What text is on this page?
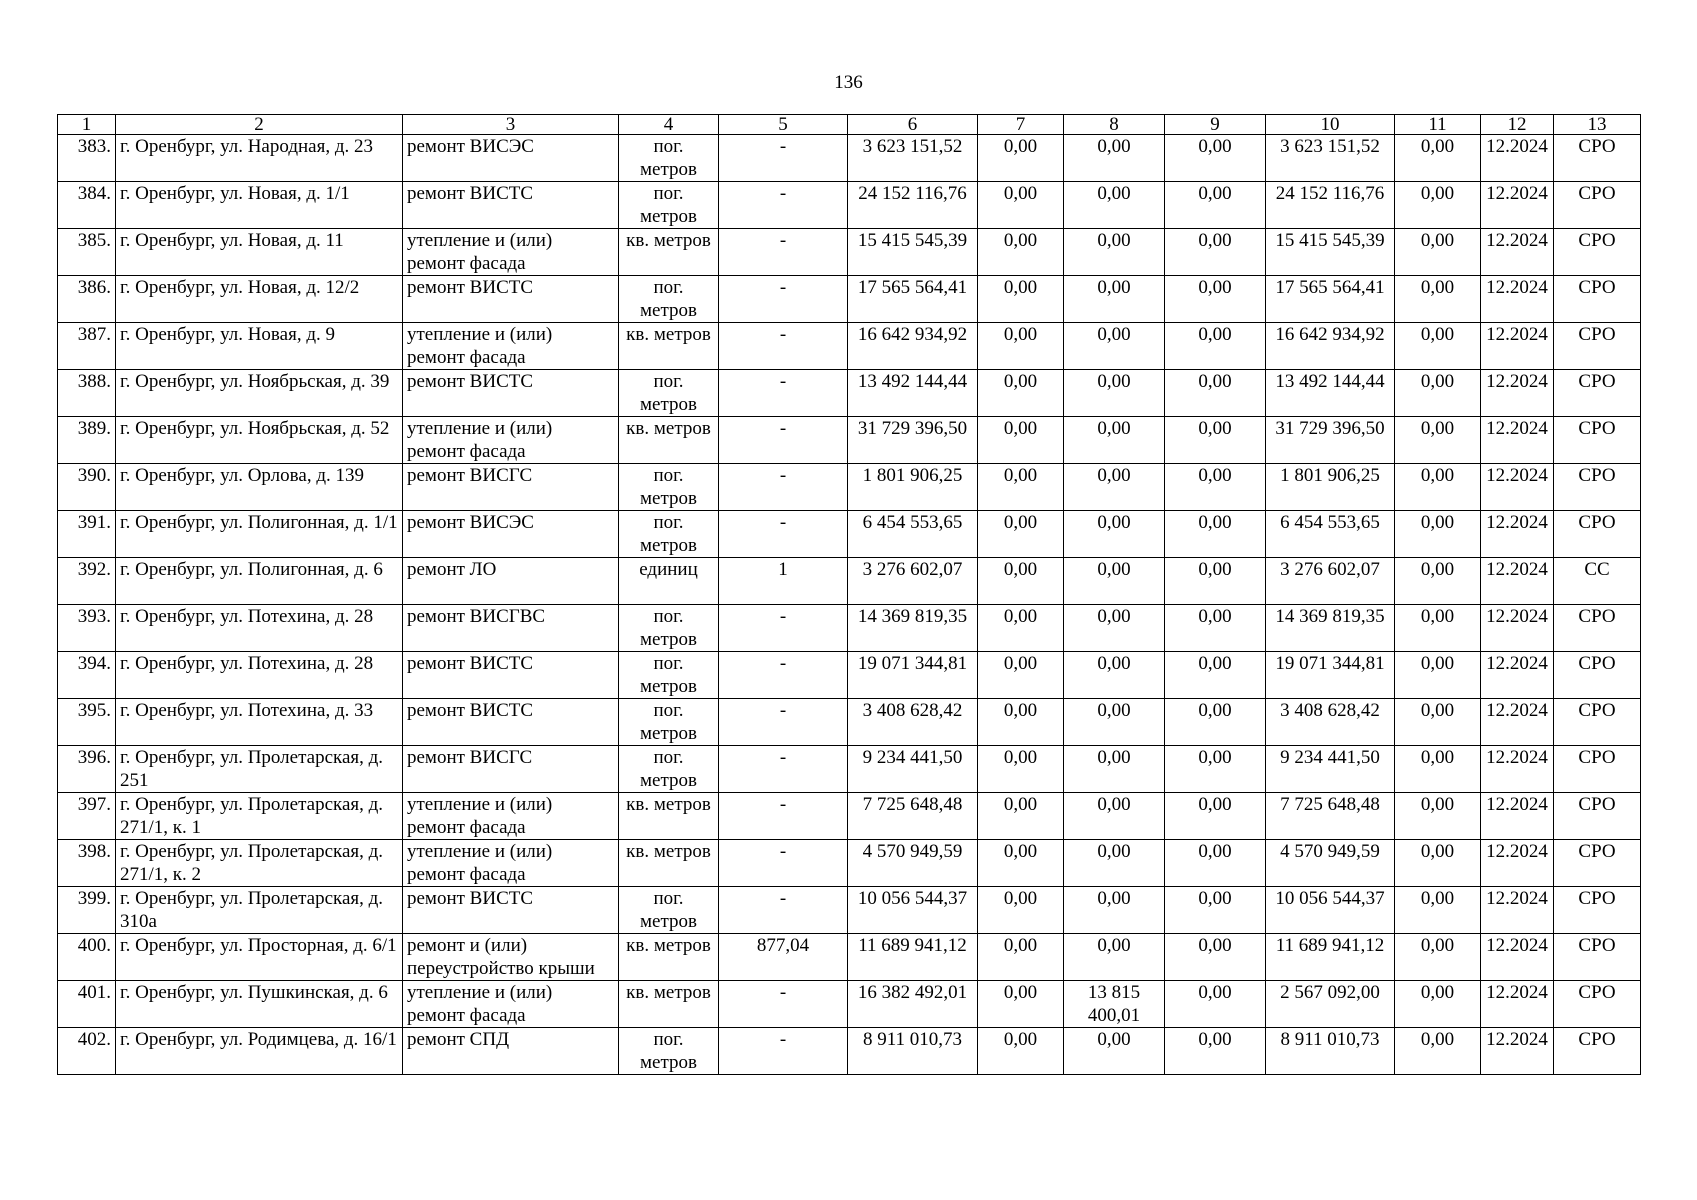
136
1	2	3	4	5	6	7	8	9	10	11	12	13
383.	г. Оренбург, ул. Народная, д. 23	ремонт ВИСЭС	пог. метров	-	3 623 151,52	0,00	0,00	0,00	3 623 151,52	0,00	12.2024	СРО
384.	г. Оренбург, ул. Новая, д. 1/1	ремонт ВИСТС	пог. метров	-	24 152 116,76	0,00	0,00	0,00	24 152 116,76	0,00	12.2024	СРО
385.	г. Оренбург, ул. Новая, д. 11	утепление и (или) ремонт фасада	кв. метров	-	15 415 545,39	0,00	0,00	0,00	15 415 545,39	0,00	12.2024	СРО
386.	г. Оренбург, ул. Новая, д. 12/2	ремонт ВИСТС	пог. метров	-	17 565 564,41	0,00	0,00	0,00	17 565 564,41	0,00	12.2024	СРО
387.	г. Оренбург, ул. Новая, д. 9	утепление и (или) ремонт фасада	кв. метров	-	16 642 934,92	0,00	0,00	0,00	16 642 934,92	0,00	12.2024	СРО
388.	г. Оренбург, ул. Ноябрьская, д. 39	ремонт ВИСТС	пог. метров	-	13 492 144,44	0,00	0,00	0,00	13 492 144,44	0,00	12.2024	СРО
389.	г. Оренбург, ул. Ноябрьская, д. 52	утепление и (или) ремонт фасада	кв. метров	-	31 729 396,50	0,00	0,00	0,00	31 729 396,50	0,00	12.2024	СРО
390.	г. Оренбург, ул. Орлова, д. 139	ремонт ВИСГС	пог. метров	-	1 801 906,25	0,00	0,00	0,00	1 801 906,25	0,00	12.2024	СРО
391.	г. Оренбург, ул. Полигонная, д. 1/1	ремонт ВИСЭС	пог. метров	-	6 454 553,65	0,00	0,00	0,00	6 454 553,65	0,00	12.2024	СРО
392.	г. Оренбург, ул. Полигонная, д. 6	ремонт ЛО	единиц	1	3 276 602,07	0,00	0,00	0,00	3 276 602,07	0,00	12.2024	СС
393.	г. Оренбург, ул. Потехина, д. 28	ремонт ВИСГВС	пог. метров	-	14 369 819,35	0,00	0,00	0,00	14 369 819,35	0,00	12.2024	СРО
394.	г. Оренбург, ул. Потехина, д. 28	ремонт ВИСТС	пог. метров	-	19 071 344,81	0,00	0,00	0,00	19 071 344,81	0,00	12.2024	СРО
395.	г. Оренбург, ул. Потехина, д. 33	ремонт ВИСТС	пог. метров	-	3 408 628,42	0,00	0,00	0,00	3 408 628,42	0,00	12.2024	СРО
396.	г. Оренбург, ул. Пролетарская, д. 251	ремонт ВИСГС	пог. метров	-	9 234 441,50	0,00	0,00	0,00	9 234 441,50	0,00	12.2024	СРО
397.	г. Оренбург, ул. Пролетарская, д. 271/1, к. 1	утепление и (или) ремонт фасада	кв. метров	-	7 725 648,48	0,00	0,00	0,00	7 725 648,48	0,00	12.2024	СРО
398.	г. Оренбург, ул. Пролетарская, д. 271/1, к. 2	утепление и (или) ремонт фасада	кв. метров	-	4 570 949,59	0,00	0,00	0,00	4 570 949,59	0,00	12.2024	СРО
399.	г. Оренбург, ул. Пролетарская, д. 310а	ремонт ВИСТС	пог. метров	-	10 056 544,37	0,00	0,00	0,00	10 056 544,37	0,00	12.2024	СРО
400.	г. Оренбург, ул. Просторная, д. 6/1	ремонт и (или) переустройство крыши	кв. метров	877,04	11 689 941,12	0,00	0,00	0,00	11 689 941,12	0,00	12.2024	СРО
401.	г. Оренбург, ул. Пушкинская, д. 6	утепление и (или) ремонт фасада	кв. метров	-	16 382 492,01	0,00	13 815 400,01	0,00	2 567 092,00	0,00	12.2024	СРО
402.	г. Оренбург, ул. Родимцева, д. 16/1	ремонт СПД	пог. метров	-	8 911 010,73	0,00	0,00	0,00	8 911 010,73	0,00	12.2024	СРО
